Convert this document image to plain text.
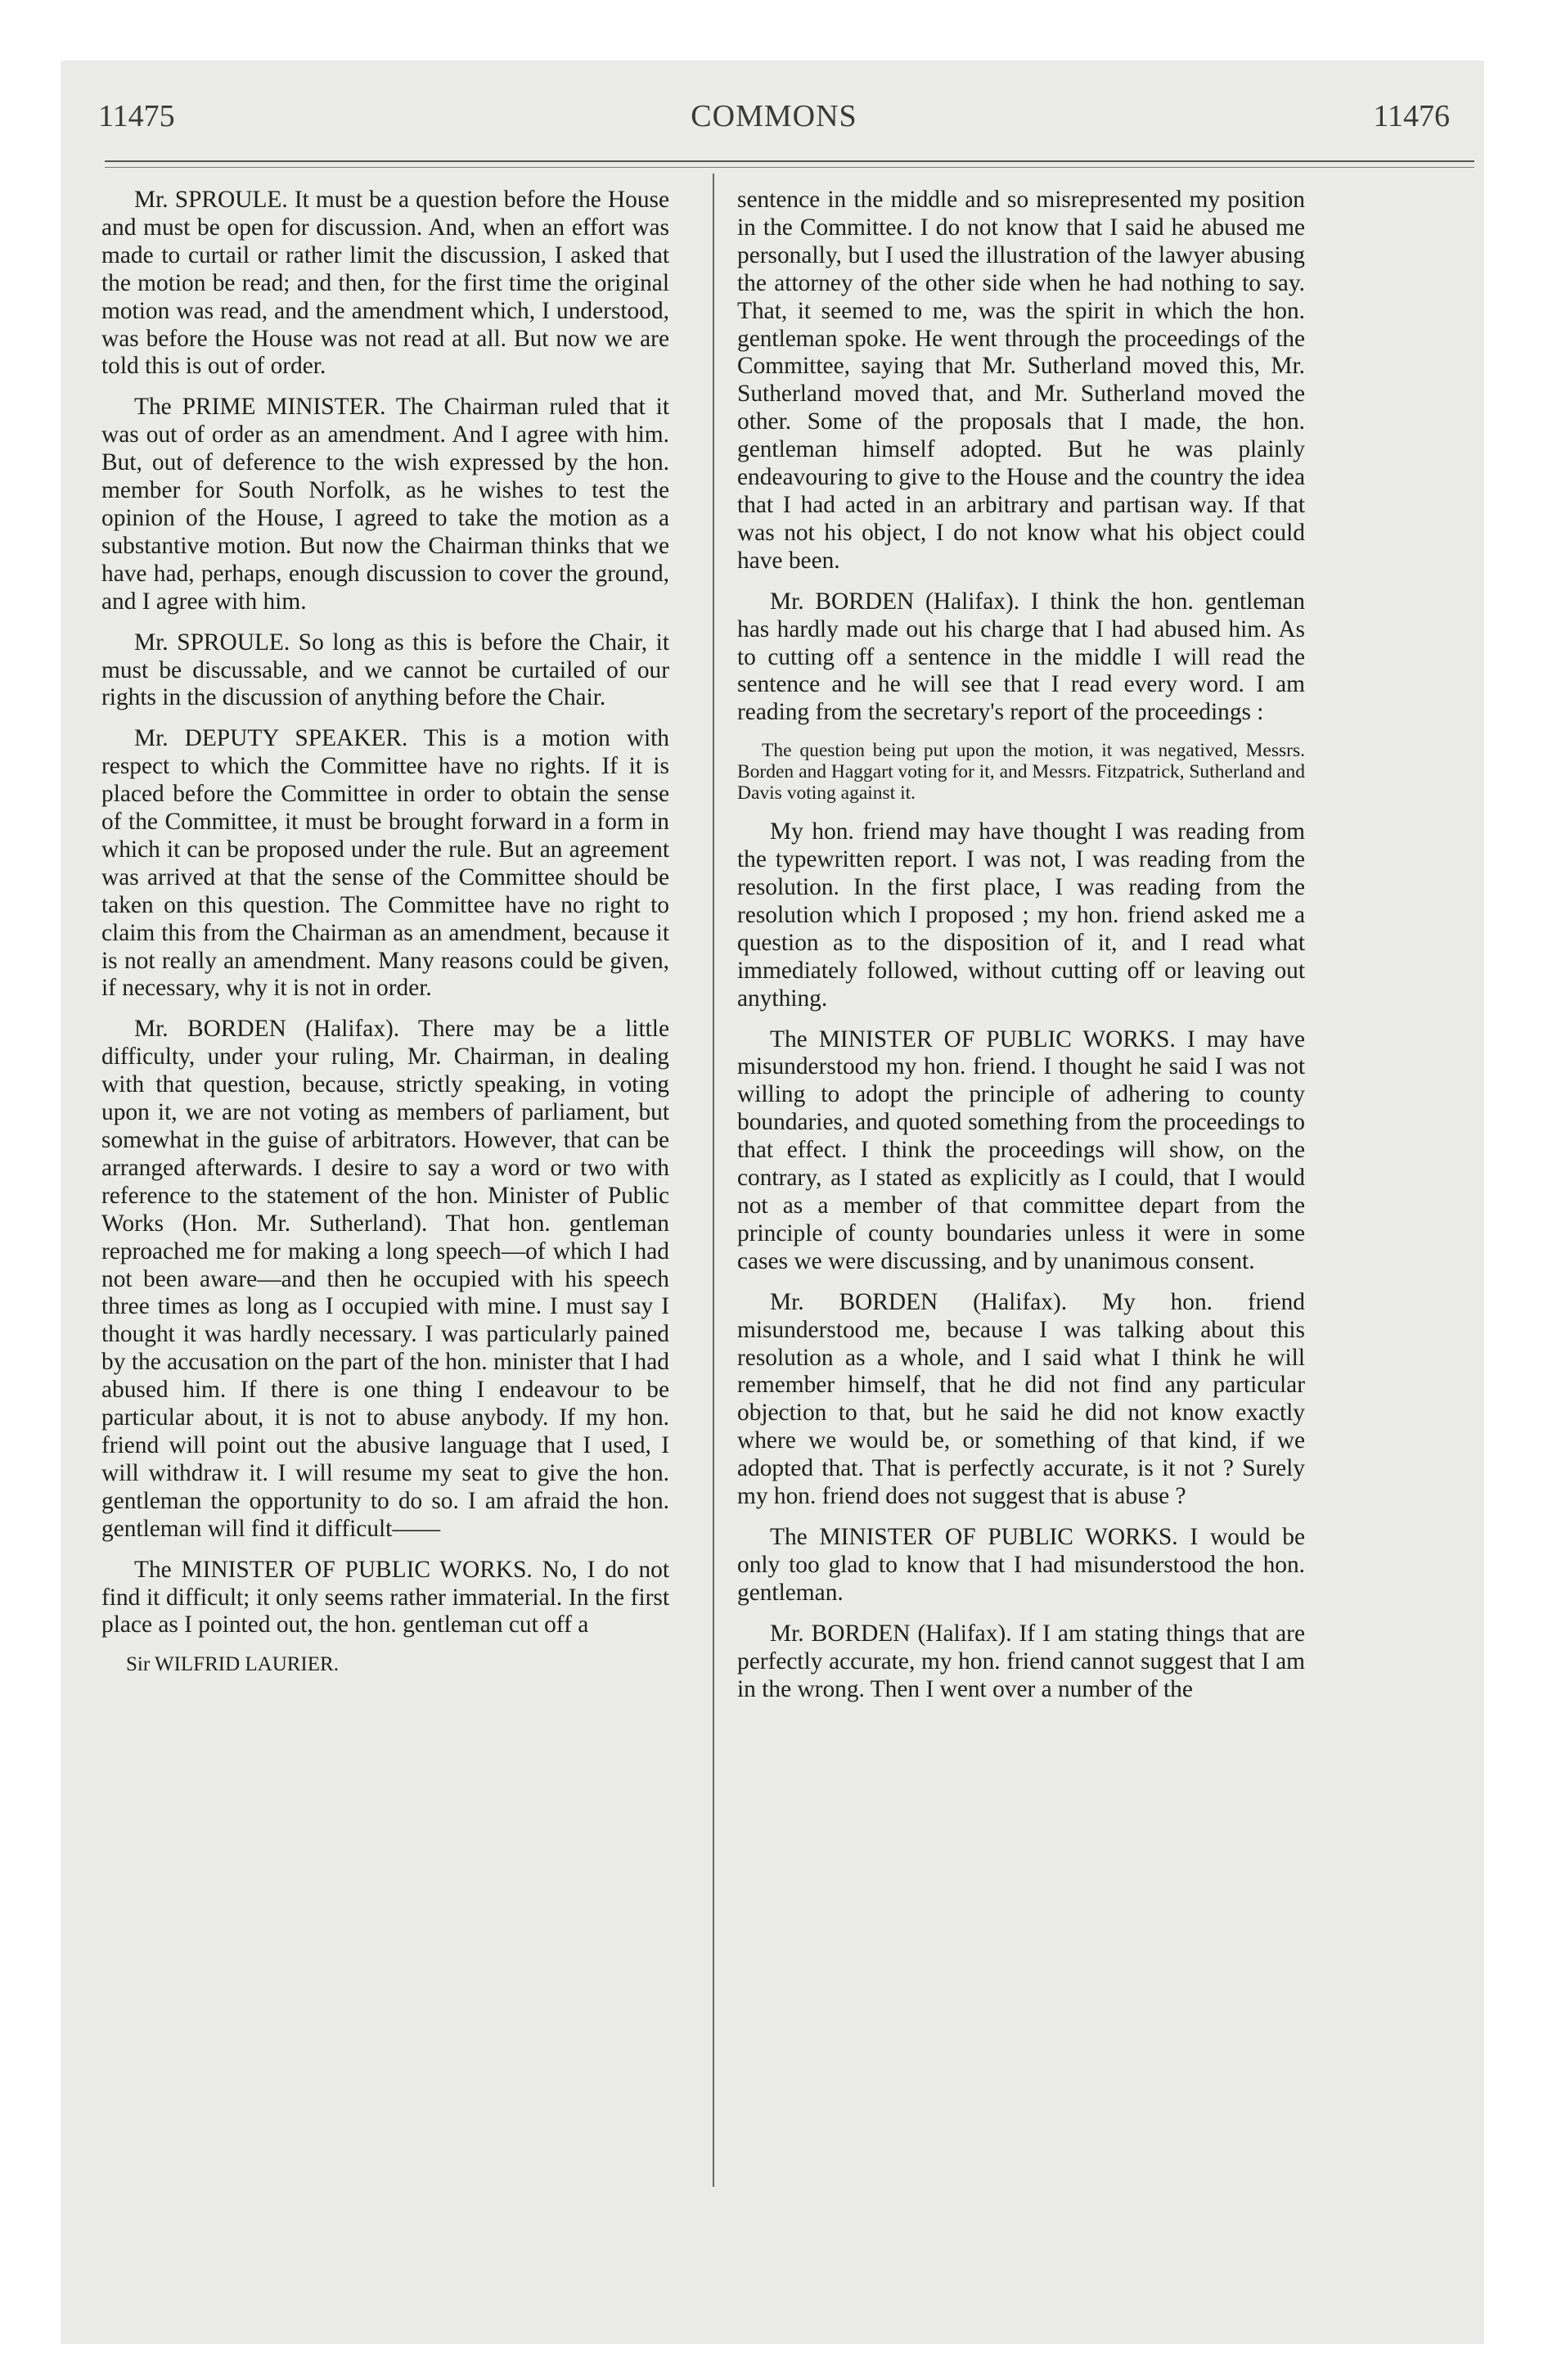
11475	COMMONS	11476

Mr. SPROULE. It must be a question before the House and must be open for discussion. And, when an effort was made to curtail or rather limit the discussion, I asked that the motion be read; and then, for the first time the original motion was read, and the amendment which, I understood, was before the House was not read at all. But now we are told this is out of order.

The PRIME MINISTER. The Chairman ruled that it was out of order as an amendment. And I agree with him. But, out of deference to the wish expressed by the hon. member for South Norfolk, as he wishes to test the opinion of the House, I agreed to take the motion as a substantive motion. But now the Chairman thinks that we have had, perhaps, enough discussion to cover the ground, and I agree with him.

Mr. SPROULE. So long as this is before the Chair, it must be discussable, and we cannot be curtailed of our rights in the discussion of anything before the Chair.

Mr. DEPUTY SPEAKER. This is a motion with respect to which the Committee have no rights. If it is placed before the Committee in order to obtain the sense of the Committee, it must be brought forward in a form in which it can be proposed under the rule. But an agreement was arrived at that the sense of the Committee should be taken on this question. The Committee have no right to claim this from the Chairman as an amendment, because it is not really an amendment. Many reasons could be given, if necessary, why it is not in order.

Mr. BORDEN (Halifax). There may be a little difficulty, under your ruling, Mr. Chairman, in dealing with that question, because, strictly speaking, in voting upon it, we are not voting as members of parliament, but somewhat in the guise of arbitrators. However, that can be arranged afterwards. I desire to say a word or two with reference to the statement of the hon. Minister of Public Works (Hon. Mr. Sutherland). That hon. gentleman reproached me for making a long speech—of which I had not been aware—and then he occupied with his speech three times as long as I occupied with mine. I must say I thought it was hardly necessary. I was particularly pained by the accusation on the part of the hon. minister that I had abused him. If there is one thing I endeavour to be particular about, it is not to abuse anybody. If my hon. friend will point out the abusive language that I used, I will withdraw it. I will resume my seat to give the hon. gentleman the opportunity to do so. I am afraid the hon. gentleman will find it difficult——

The MINISTER OF PUBLIC WORKS. No, I do not find it difficult; it only seems rather immaterial. In the first place as I pointed out, the hon. gentleman cut off a

Sir WILFRID LAURIER.

sentence in the middle and so misrepresented my position in the Committee. I do not know that I said he abused me personally, but I used the illustration of the lawyer abusing the attorney of the other side when he had nothing to say. That, it seemed to me, was the spirit in which the hon. gentleman spoke. He went through the proceedings of the Committee, saying that Mr. Sutherland moved this, Mr. Sutherland moved that, and Mr. Sutherland moved the other. Some of the proposals that I made, the hon. gentleman himself adopted. But he was plainly endeavouring to give to the House and the country the idea that I had acted in an arbitrary and partisan way. If that was not his object, I do not know what his object could have been.

Mr. BORDEN (Halifax). I think the hon. gentleman has hardly made out his charge that I had abused him. As to cutting off a sentence in the middle I will read the sentence and he will see that I read every word. I am reading from the secretary's report of the proceedings :

The question being put upon the motion, it was negatived, Messrs. Borden and Haggart voting for it, and Messrs. Fitzpatrick, Sutherland and Davis voting against it.

My hon. friend may have thought I was reading from the typewritten report. I was not, I was reading from the resolution. In the first place, I was reading from the resolution which I proposed ; my hon. friend asked me a question as to the disposition of it, and I read what immediately followed, without cutting off or leaving out anything.

The MINISTER OF PUBLIC WORKS. I may have misunderstood my hon. friend. I thought he said I was not willing to adopt the principle of adhering to county boundaries, and quoted something from the proceedings to that effect. I think the proceedings will show, on the contrary, as I stated as explicitly as I could, that I would not as a member of that committee depart from the principle of county boundaries unless it were in some cases we were discussing, and by unanimous consent.

Mr. BORDEN (Halifax). My hon. friend misunderstood me, because I was talking about this resolution as a whole, and I said what I think he will remember himself, that he did not find any particular objection to that, but he said he did not know exactly where we would be, or something of that kind, if we adopted that. That is perfectly accurate, is it not ? Surely my hon. friend does not suggest that is abuse ?

The MINISTER OF PUBLIC WORKS. I would be only too glad to know that I had misunderstood the hon. gentleman.

Mr. BORDEN (Halifax). If I am stating things that are perfectly accurate, my hon. friend cannot suggest that I am in the wrong. Then I went over a number of the
